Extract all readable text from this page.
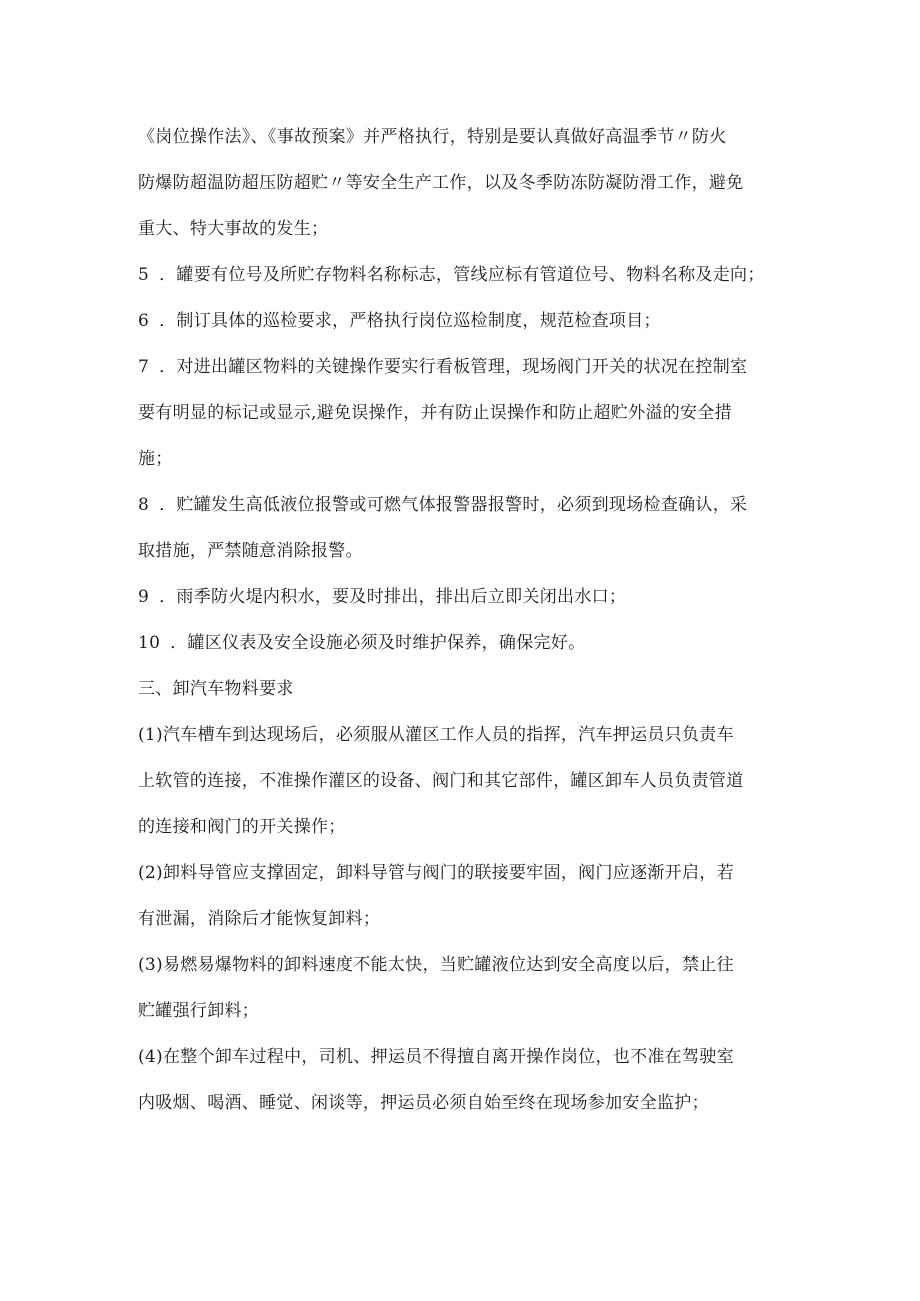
《岗位操作法》、《事故预案》并严格执行，特别是要认真做好高温季节〃防火
防爆防超温防超压防超贮〃等安全生产工作，以及冬季防冻防凝防滑工作，避免
重大、特大事故的发生；
5 ．罐要有位号及所贮存物料名称标志，管线应标有管道位号、物料名称及走向；
6 ．制订具体的巡检要求，严格执行岗位巡检制度，规范检查项目；
7 ．对进出罐区物料的关键操作要实行看板管理，现场阀门开关的状况在控制室
要有明显的标记或显示,避免误操作，并有防止误操作和防止超贮外溢的安全措
施；
8 ．贮罐发生高低液位报警或可燃气体报警器报警时，必须到现场检查确认，采
取措施，严禁随意消除报警。
9 ．雨季防火堤内积水，要及时排出，排出后立即关闭出水口；
10 ．罐区仪表及安全设施必须及时维护保养，确保完好。
三、卸汽车物料要求
(1)汽车槽车到达现场后，必须服从灌区工作人员的指挥，汽车押运员只负责车
上软管的连接，不准操作灌区的设备、阀门和其它部件，罐区卸车人员负责管道
的连接和阀门的开关操作；
(2)卸料导管应支撑固定，卸料导管与阀门的联接要牢固，阀门应逐渐开启，若
有泄漏，消除后才能恢复卸料；
(3)易燃易爆物料的卸料速度不能太快，当贮罐液位达到安全高度以后，禁止往
贮罐强行卸料；
(4)在整个卸车过程中，司机、押运员不得擅自离开操作岗位，也不准在驾驶室
内吸烟、喝酒、睡觉、闲谈等，押运员必须自始至终在现场参加安全监护；
